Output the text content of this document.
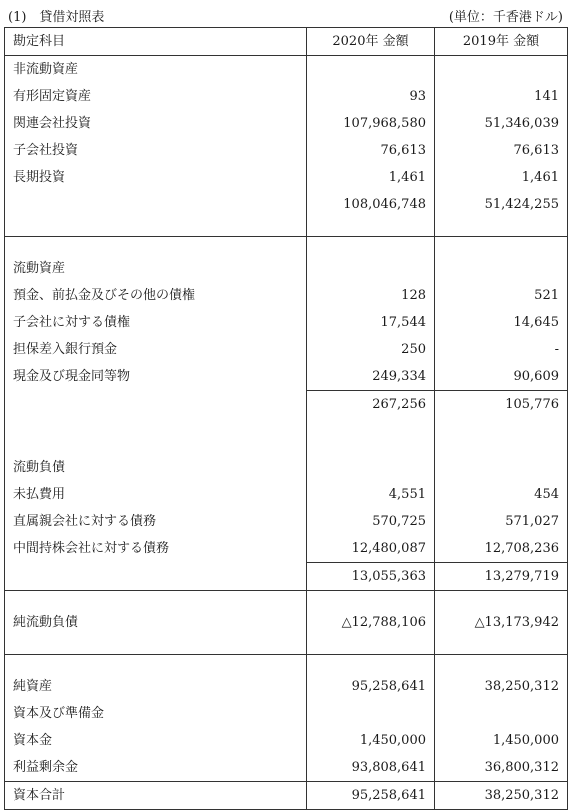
(1)　貸借対照表	(単位：千香港ドル)
勘定科目	2020年 金額	2019年 金額
非流動資産		
有形固定資産	93	141
関連会社投資	107,968,580	51,346,039
子会社投資	76,613	76,613
長期投資	1,461	1,461
	108,046,748	51,424,255

流動資産		
預金、前払金及びその他の債権	128	521
子会社に対する債権	17,544	14,645
担保差入銀行預金	250	-
現金及び現金同等物	249,334	90,609
	267,256	105,776

流動負債		
未払費用	4,551	454
直属親会社に対する債務	570,725	571,027
中間持株会社に対する債務	12,480,087	12,708,236
	13,055,363	13,279,719

純流動負債	△12,788,106	△13,173,942

純資産	95,258,641	38,250,312
資本及び準備金		
資本金	1,450,000	1,450,000
利益剰余金	93,808,641	36,800,312
資本合計	95,258,641	38,250,312
